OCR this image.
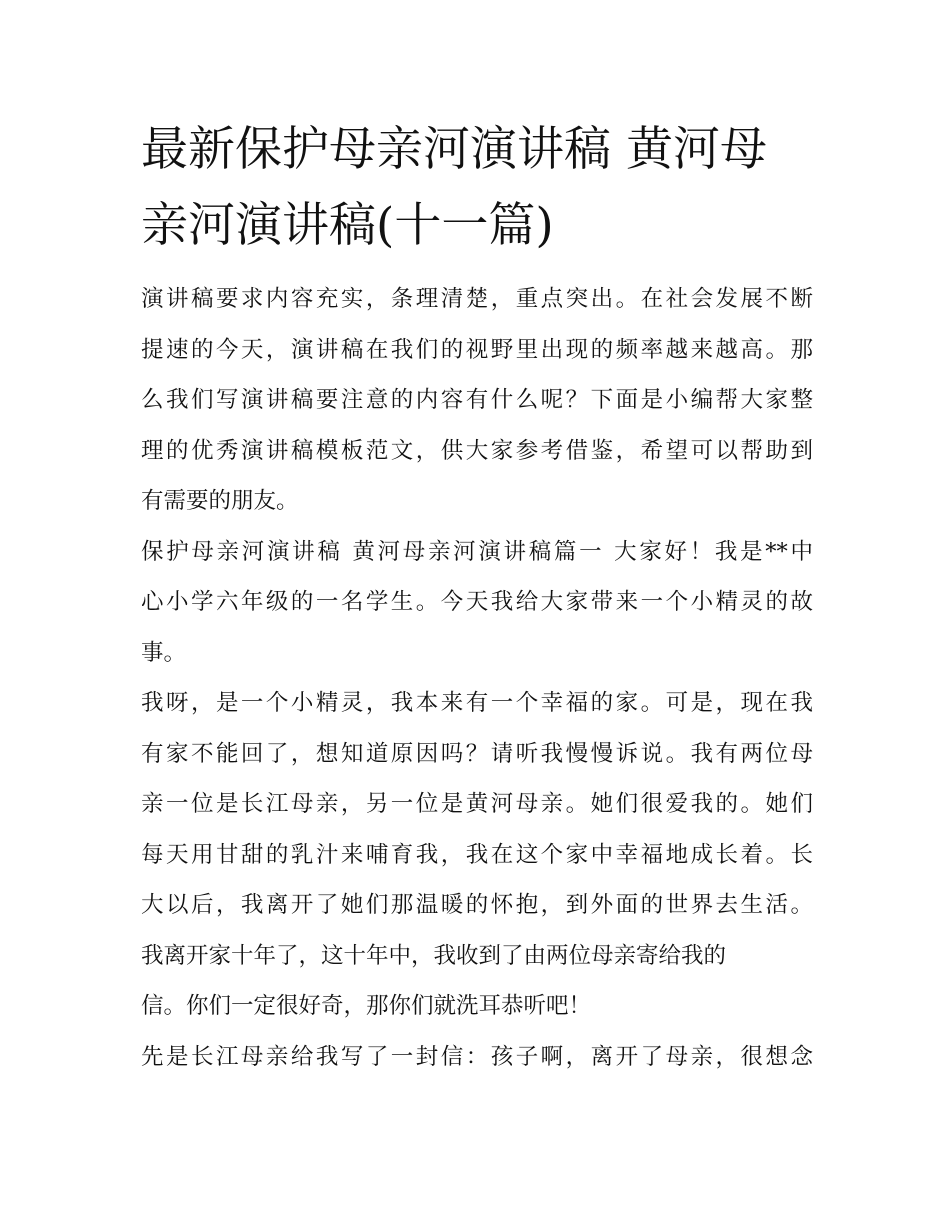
最新保护母亲河演讲稿 黄河母
亲河演讲稿(十一篇)
演讲稿要求内容充实，条理清楚，重点突出。在社会发展不断
提速的今天，演讲稿在我们的视野里出现的频率越来越高。那
么我们写演讲稿要注意的内容有什么呢？下面是小编帮大家整
理的优秀演讲稿模板范文，供大家参考借鉴，希望可以帮助到
有需要的朋友。
保护母亲河演讲稿 黄河母亲河演讲稿篇一 大家好！我是**中
心小学六年级的一名学生。今天我给大家带来一个小精灵的故
事。
我呀，是一个小精灵，我本来有一个幸福的家。可是，现在我
有家不能回了，想知道原因吗？请听我慢慢诉说。我有两位母
亲一位是长江母亲，另一位是黄河母亲。她们很爱我的。她们
每天用甘甜的乳汁来哺育我，我在这个家中幸福地成长着。长
大以后，我离开了她们那温暖的怀抱，到外面的世界去生活。
我离开家十年了，这十年中，我收到了由两位母亲寄给我的
信。你们一定很好奇，那你们就洗耳恭听吧！
先是长江母亲给我写了一封信：孩子啊，离开了母亲，很想念
